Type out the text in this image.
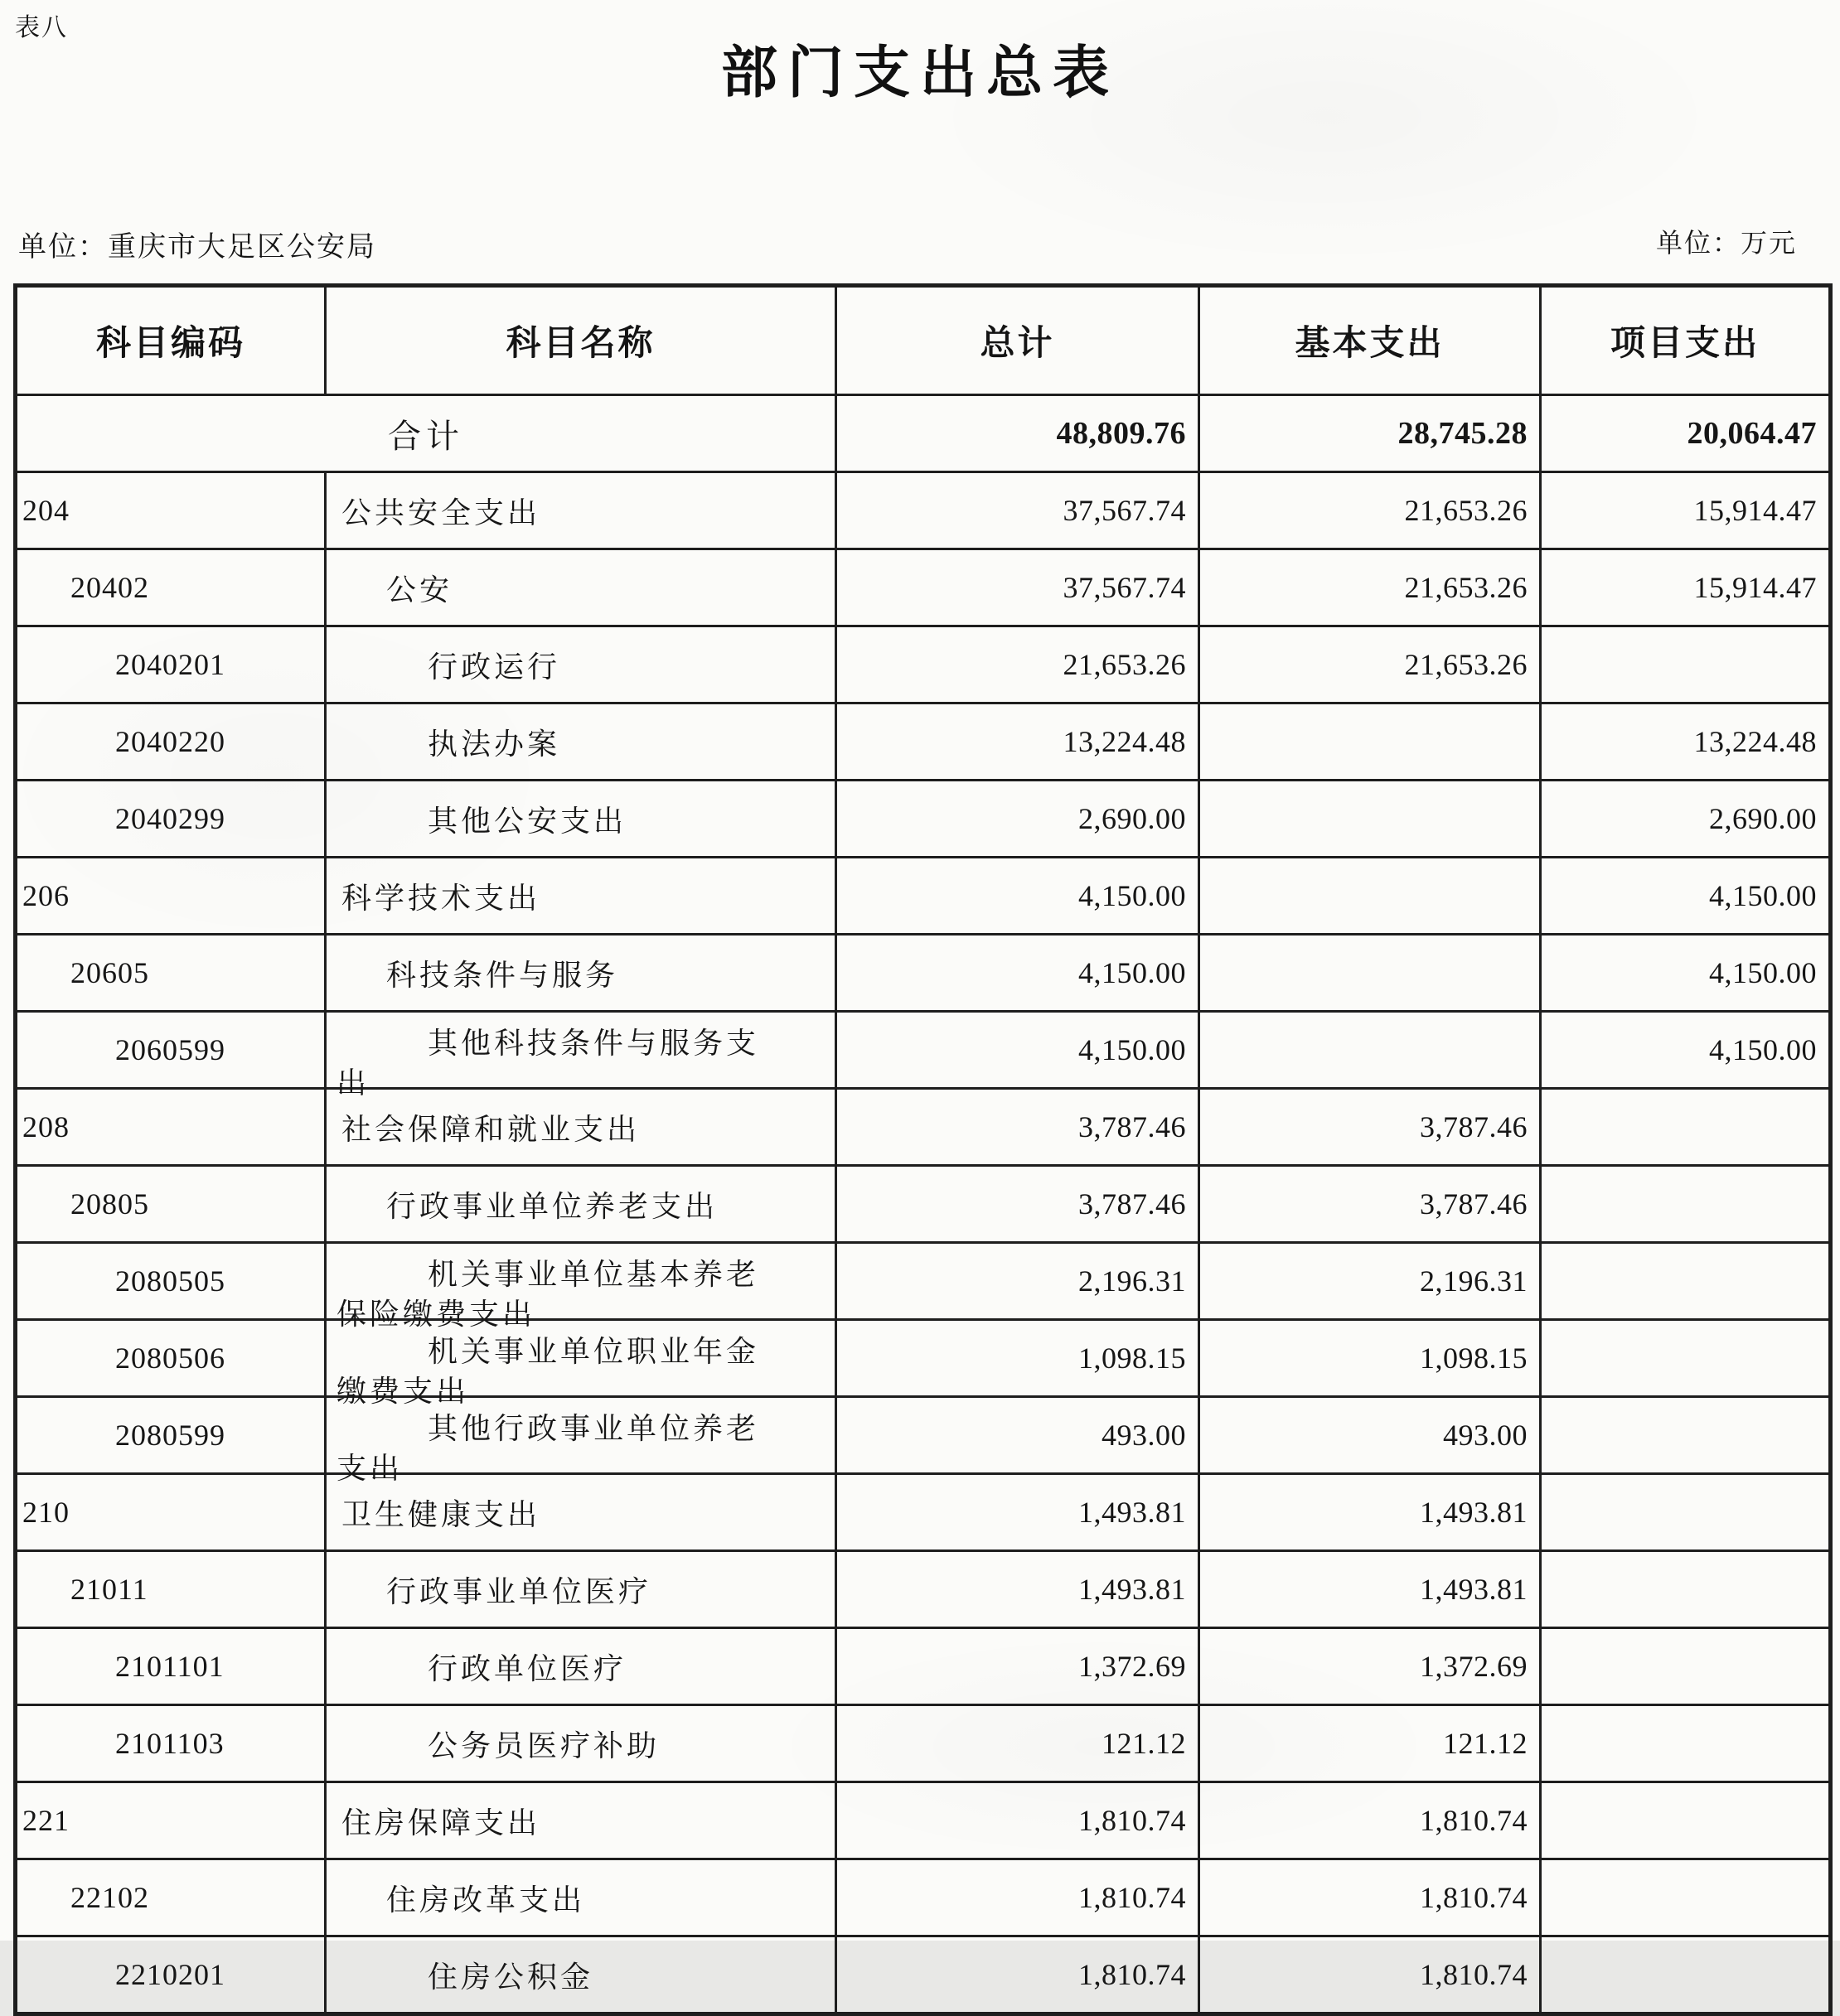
表八
部门支出总表
单位：重庆市大足区公安局	单位：万元
科目编码	科目名称	总计	基本支出	项目支出
合计		48,809.76	28,745.28	20,064.47
204	公共安全支出	37,567.74	21,653.26	15,914.47
20402	公安	37,567.74	21,653.26	15,914.47
2040201	行政运行	21,653.26	21,653.26	
2040220	执法办案	13,224.48		13,224.48
2040299	其他公安支出	2,690.00		2,690.00
206	科学技术支出	4,150.00		4,150.00
20605	科技条件与服务	4,150.00		4,150.00
2060599	其他科技条件与服务支出	4,150.00		4,150.00
208	社会保障和就业支出	3,787.46	3,787.46	
20805	行政事业单位养老支出	3,787.46	3,787.46	
2080505	机关事业单位基本养老保险缴费支出	2,196.31	2,196.31	
2080506	机关事业单位职业年金缴费支出	1,098.15	1,098.15	
2080599	其他行政事业单位养老支出	493.00	493.00	
210	卫生健康支出	1,493.81	1,493.81	
21011	行政事业单位医疗	1,493.81	1,493.81	
2101101	行政单位医疗	1,372.69	1,372.69	
2101103	公务员医疗补助	121.12	121.12	
221	住房保障支出	1,810.74	1,810.74	
22102	住房改革支出	1,810.74	1,810.74	
2210201	住房公积金	1,810.74	1,810.74	
